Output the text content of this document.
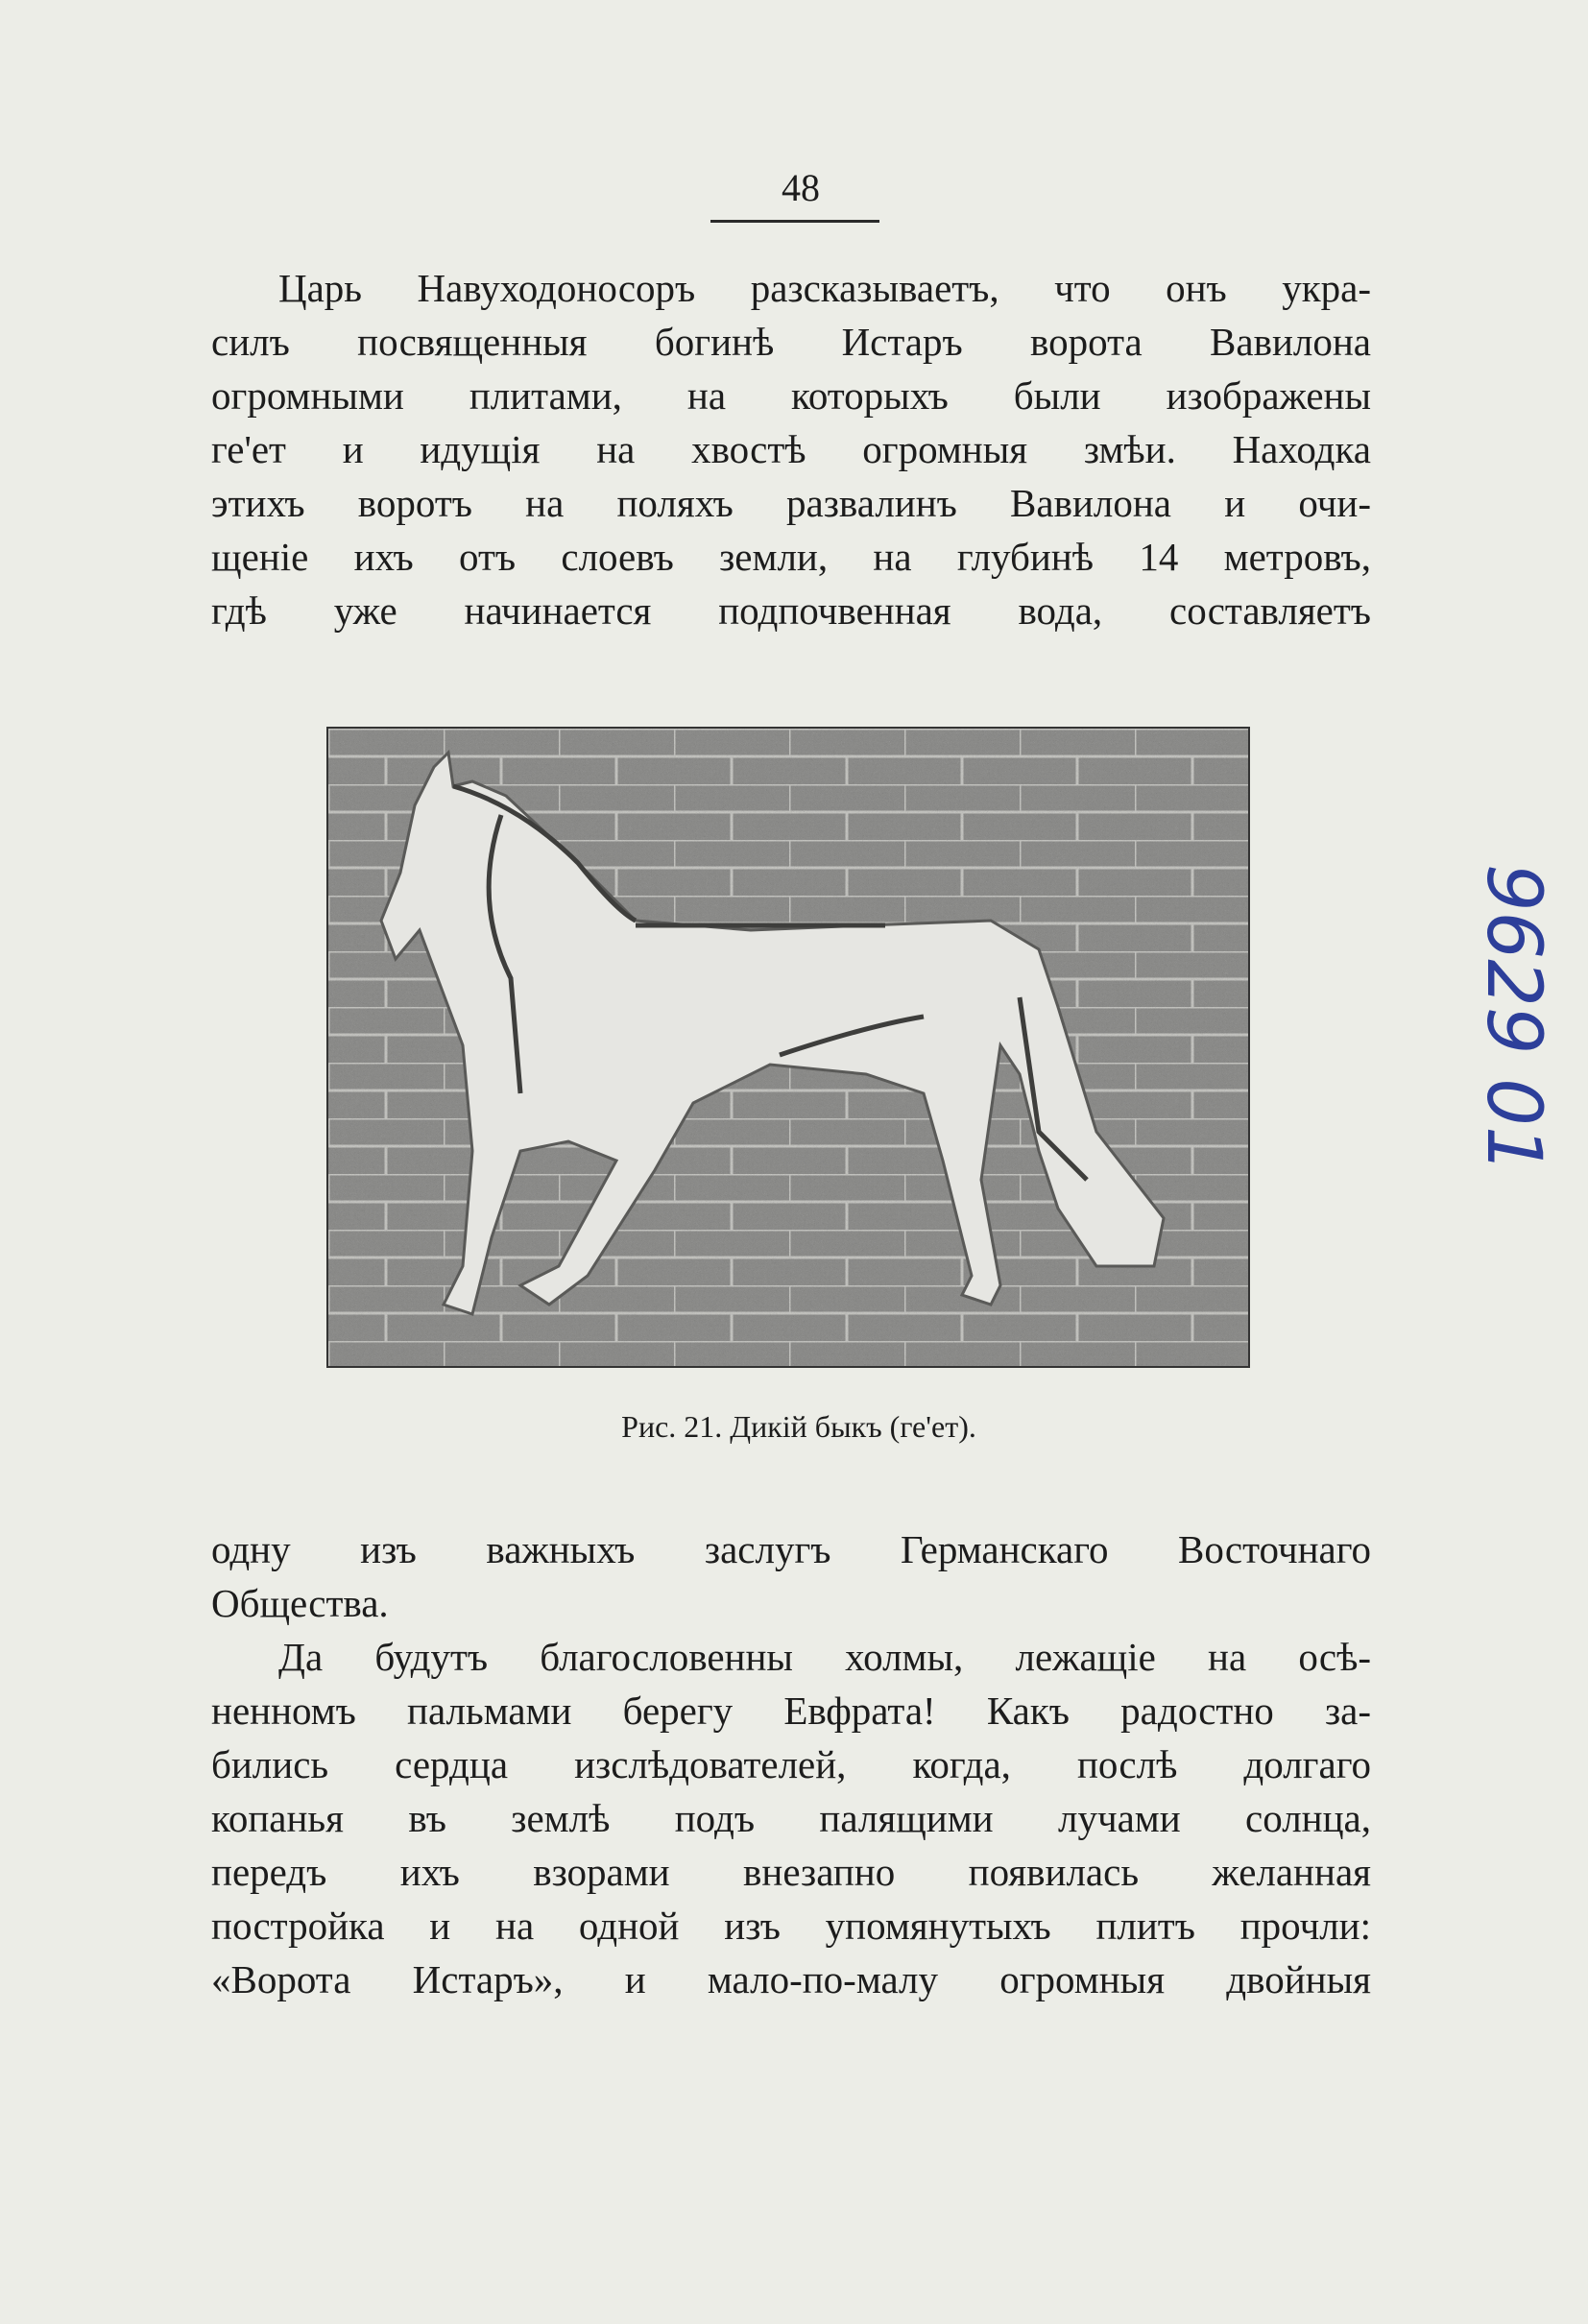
48
Царь Навуходоносоръ разсказываетъ, что онъ укра-
силъ посвященныя богинѣ Истаръ ворота Вавилона
огромными плитами, на которыхъ были изображены
ге'ет и идущія на хвостѣ огромныя змѣи. Находка
этихъ воротъ на поляхъ развалинъ Вавилона и очи-
щеніе ихъ отъ слоевъ земли, на глубинѣ 14 метровъ,
гдѣ уже начинается подпочвенная вода, составляетъ
Рис. 21. Дикій быкъ (ге'ет).
одну изъ важныхъ заслугъ Германскаго Восточнаго
Общества.
Да будутъ благословенны холмы, лежащіе на осѣ-
ненномъ пальмами берегу Евфрата! Какъ радостно за-
бились сердца изслѣдователей, когда, послѣ долгаго
копанья въ землѣ подъ палящими лучами солнца,
передъ ихъ взорами внезапно появилась желанная
постройка и на одной изъ упомянутыхъ плитъ прочли:
«Ворота Истаръ», и мало-по-малу огромныя двойныя
9629 01
